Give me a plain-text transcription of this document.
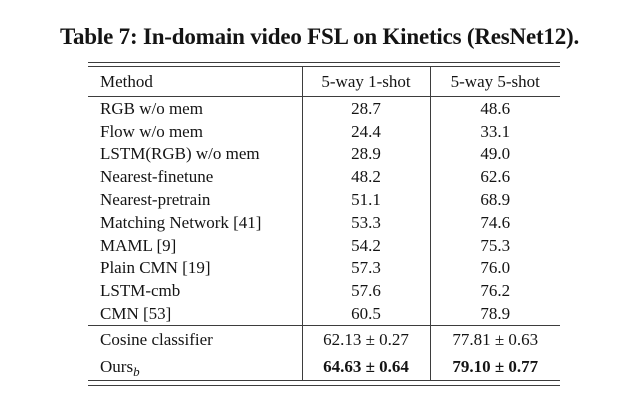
Table 7: In-domain video FSL on Kinetics (ResNet12).
Method	5-way 1-shot	5-way 5-shot
RGB w/o mem	28.7	48.6
Flow w/o mem	24.4	33.1
LSTM(RGB) w/o mem	28.9	49.0
Nearest-finetune	48.2	62.6
Nearest-pretrain	51.1	68.9
Matching Network [41]	53.3	74.6
MAML [9]	54.2	75.3
Plain CMN [19]	57.3	76.0
LSTM-cmb	57.6	76.2
CMN [53]	60.5	78.9
Cosine classifier	62.13 ± 0.27	77.81 ± 0.63
Ours$_b$	64.63 ± 0.64	79.10 ± 0.77
